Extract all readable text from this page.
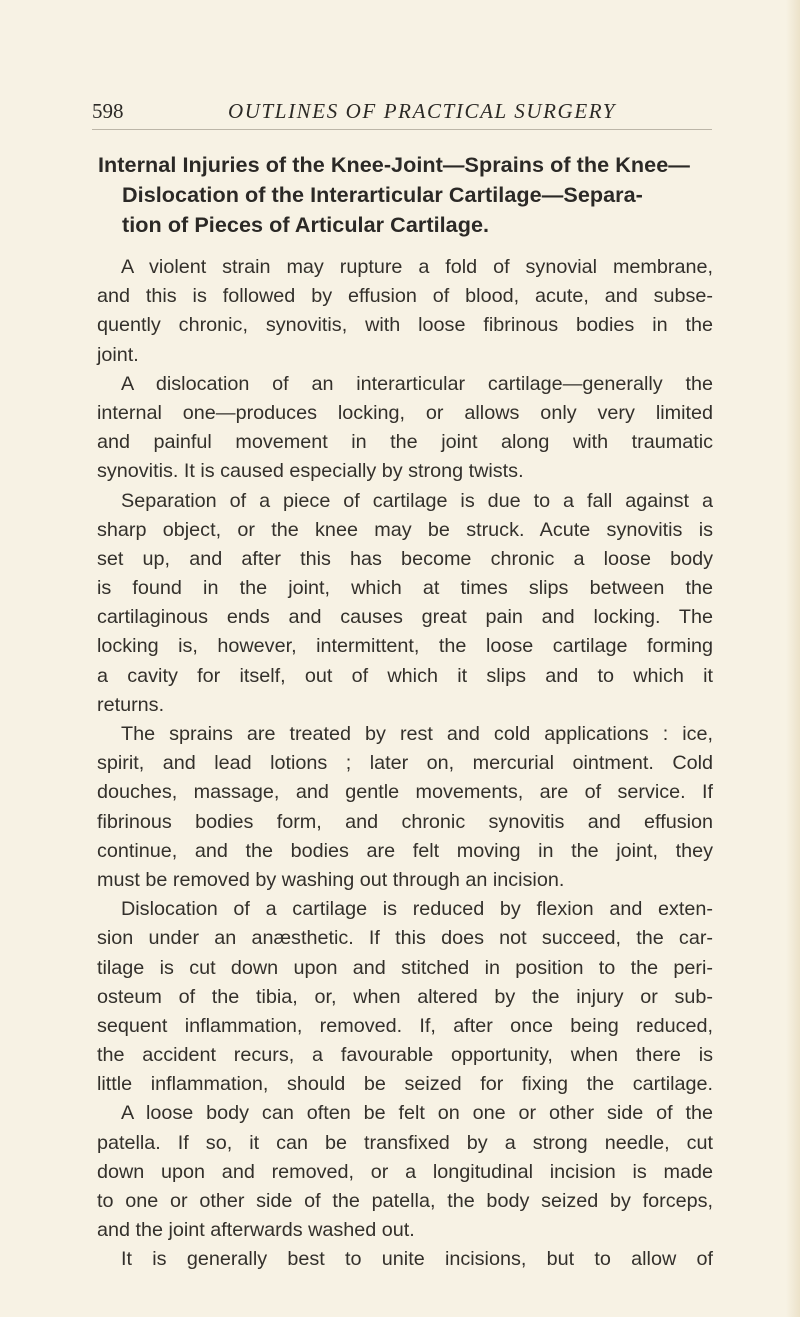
598	OUTLINES OF PRACTICAL SURGERY
Internal Injuries of the Knee-Joint—Sprains of the Knee—
Dislocation of the Interarticular Cartilage—Separa-
tion of Pieces of Articular Cartilage.
A violent strain may rupture a fold of synovial membrane,
and this is followed by effusion of blood, acute, and subse-
quently chronic, synovitis, with loose fibrinous bodies in the
joint.
A dislocation of an interarticular cartilage—generally the
internal one—produces locking, or allows only very limited
and painful movement in the joint along with traumatic
synovitis. It is caused especially by strong twists.
Separation of a piece of cartilage is due to a fall against a
sharp object, or the knee may be struck. Acute synovitis is
set up, and after this has become chronic a loose body
is found in the joint, which at times slips between the
cartilaginous ends and causes great pain and locking. The
locking is, however, intermittent, the loose cartilage forming
a cavity for itself, out of which it slips and to which it
returns.
The sprains are treated by rest and cold applications : ice,
spirit, and lead lotions ; later on, mercurial ointment. Cold
douches, massage, and gentle movements, are of service. If
fibrinous bodies form, and chronic synovitis and effusion
continue, and the bodies are felt moving in the joint, they
must be removed by washing out through an incision.
Dislocation of a cartilage is reduced by flexion and exten-
sion under an anæsthetic. If this does not succeed, the car-
tilage is cut down upon and stitched in position to the peri-
osteum of the tibia, or, when altered by the injury or sub-
sequent inflammation, removed. If, after once being reduced,
the accident recurs, a favourable opportunity, when there is
little inflammation, should be seized for fixing the cartilage.
A loose body can often be felt on one or other side of the
patella. If so, it can be transfixed by a strong needle, cut
down upon and removed, or a longitudinal incision is made
to one or other side of the patella, the body seized by forceps,
and the joint afterwards washed out.
It is generally best to unite incisions, but to allow of
